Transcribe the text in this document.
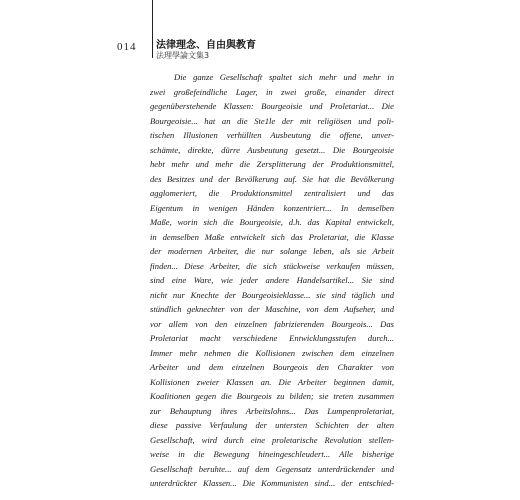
014 法律理念、自由與教育
法理學論文集3
Die ganze Gesellschaft spaltet sich mehr und mehr in
zwei großefeindliche Lager, in zwei große, einander direct
gegenüberstehende Klassen: Bourgeoisie und Proletariat... Die
Bourgeoisie... hat an die Ste1le der mit religiösen und poli-
tischen Illusionen verhüllten Ausbeutung die offene, unver-
schämte, direkte, dürre Ausbeutung gesetzt... Die Bourgeoisie
hebt mehr und mehr die Zersplitterung der Produktionsmittel,
des Besitzes und der Bevölkerung auf. Sie hat die Bevölkerung
agglomeriert, die Produktionsmittel zentralisiert und das
Eigentum in wenigen Händen konzentriert... In demselben
Maße, worin sich die Bourgeoisie, d.h. das Kapital entwickelt,
in demselben Maße entwickelt sich das Proletariat, die Klasse
der modernen Arbeiter, die nur solange leben, als sie Arbeit
finden... Diese Arbeiter, die sich stückweise verkaufen müssen,
sind eine Ware, wie jeder andere Handelsartikel... Sie sind
nicht nur Knechte der Bourgeoisieklasse... sie sind täglich und
stündlich geknechter von der Maschine, von dem Aufseher, und
vor allem von den einzelnen fabrizierenden Bourgeois... Das
Proletariat macht verschiedene Entwicklungsstufen durch...
Immer mehr nehmen die Kollisionen zwischen dem einzelnen
Arbeiter und dem einzelnen Bourgeois den Charakter von
Kollisionen zweier Klassen an. Die Arbeiter beginnen damit,
Koalitionen gegen die Bourgeois zu bilden; sie treten zusammen
zur Behauptung ihres Arbeitslohns... Das Lumpenproletariat,
diese passive Verfaulung der untersten Schichten der alten
Gesellschaft, wird durch eine proletarische Revolution stellen-
weise in die Bewegung hineingeschleudert... Alle bisherige
Gesellschaft beruhte... auf dem Gegensatz unterdrückender und
unterdrückter Klassen... Die Kommunisten sind... der entschied-
